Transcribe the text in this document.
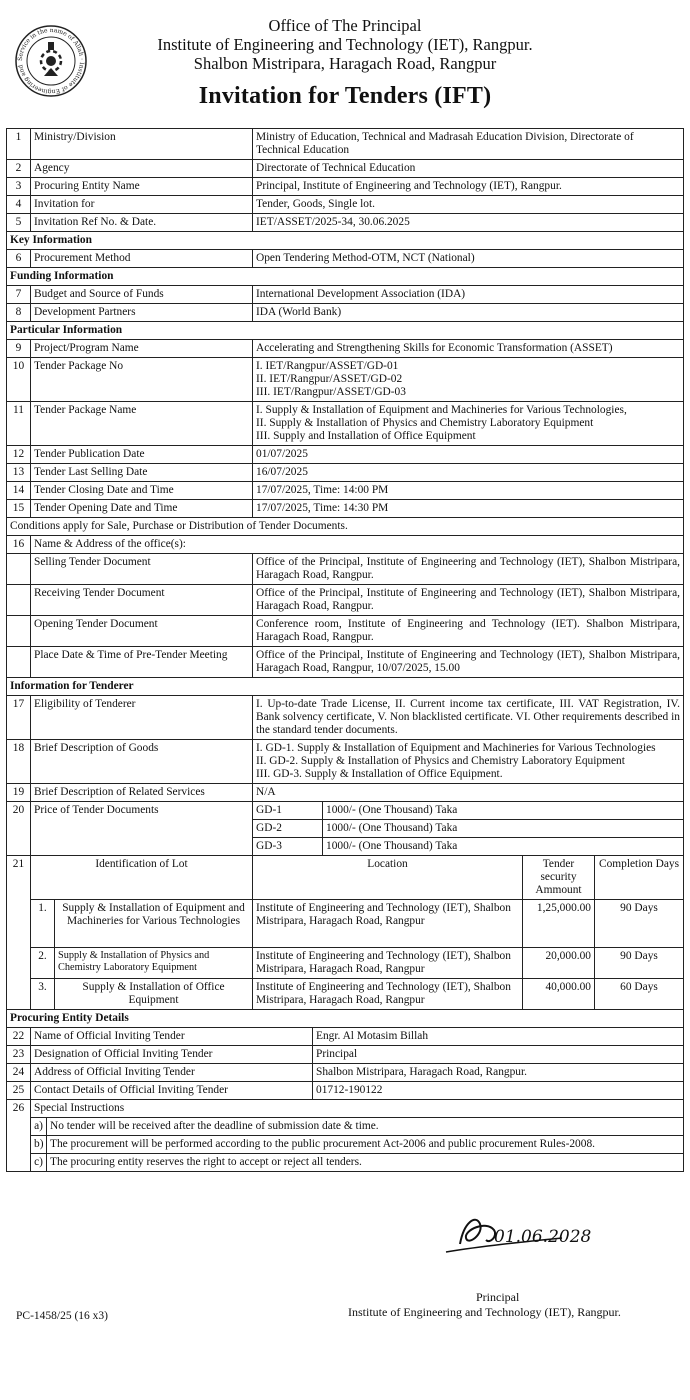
Service in the name of Allah · Institute of Engineering and
Office of The Principal
Institute of Engineering and Technology (IET), Rangpur.
Shalbon Mistripara, Haragach Road, Rangpur
Invitation for Tenders (IFT)
1	Ministry/Division	Ministry of Education, Technical and Madrasah Education Division, Directorate of Technical Education
2	Agency	Directorate of Technical Education
3	Procuring Entity Name	Principal, Institute of Engineering and Technology (IET), Rangpur.
4	Invitation for	Tender, Goods, Single lot.
5	Invitation Ref No. & Date.	IET/ASSET/2025-34, 30.06.2025
Key Information		
6	Procurement Method	Open Tendering Method-OTM, NCT (National)
Funding Information		
7	Budget and Source of Funds	International Development Association (IDA)
8	Development Partners	IDA (World Bank)
Particular Information		
9	Project/Program Name	Accelerating and Strengthening Skills for Economic Transformation (ASSET)
10	Tender Package No	I. IET/Rangpur/ASSET/GD-01
II. IET/Rangpur/ASSET/GD-02
III. IET/Rangpur/ASSET/GD-03

11	Tender Package Name	I. Supply & Installation of Equipment and Machineries for Various Technologies,
II. Supply & Installation of Physics and Chemistry Laboratory Equipment
III. Supply and Installation of Office Equipment

12	Tender Publication Date	01/07/2025
13	Tender Last Selling Date	16/07/2025
14	Tender Closing Date and Time	17/07/2025, Time: 14:00 PM
15	Tender Opening Date and Time	17/07/2025, Time: 14:30 PM
Conditions apply for Sale, Purchase or Distribution of Tender Documents.		
16	Name & Address of the office(s):	
	Selling Tender Document	Office of the Principal, Institute of Engineering and Technology (IET), Shalbon Mistripara, Haragach Road, Rangpur.
	Receiving Tender Document	Office of the Principal, Institute of Engineering and Technology (IET), Shalbon Mistripara, Haragach Road, Rangpur.
	Opening Tender Document	Conference room, Institute of Engineering and Technology (IET). Shalbon Mistripara, Haragach Road, Rangpur.
	Place Date & Time of Pre-Tender Meeting	Office of the Principal, Institute of Engineering and Technology (IET), Shalbon Mistripara, Haragach Road, Rangpur, 10/07/2025, 15.00
Information for Tenderer		
17	Eligibility of Tenderer	I. Up-to-date Trade License, II. Current income tax certificate, III. VAT Registration, IV. Bank solvency certificate, V. Non blacklisted certificate. VI. Other requirements described in the standard tender documents.
18	Brief Description of Goods	I. GD-1. Supply & Installation of Equipment and Machineries for Various Technologies
II. GD-2. Supply & Installation of Physics and Chemistry Laboratory Equipment
III. GD-3. Supply & Installation of Office Equipment.

19	Brief Description of Related Services	N/A
20	Price of Tender Documents	GD-1	1000/- (One Thousand) Taka
		GD-2	1000/- (One Thousand) Taka
		GD-3	1000/- (One Thousand) Taka
21	Identification of Lot		Location	Tender security Ammount	Completion Days
	1.	Supply & Installation of Equipment and Machineries for Various Technologies	Institute of Engineering and Technology (IET), Shalbon Mistripara, Haragach Road, Rangpur	1,25,000.00	90 Days
	2.	Supply & Installation of Physics and Chemistry Laboratory Equipment	Institute of Engineering and Technology (IET), Shalbon Mistripara, Haragach Road, Rangpur	20,000.00	90 Days
	3.	Supply & Installation of Office Equipment	Institute of Engineering and Technology (IET), Shalbon Mistripara, Haragach Road, Rangpur	40,000.00	60 Days
Procuring Entity Details			
22	Name of Official Inviting Tender		Engr. Al Motasim Billah
23	Designation of Official Inviting Tender		Principal
24	Address of Official Inviting Tender		Shalbon Mistripara, Haragach Road, Rangpur.
25	Contact Details of Official Inviting Tender		01712-190122
26	Special Instructions		
	a)	No tender will be received after the deadline of submission date & time.	
	b)	The procurement will be performed according to the public procurement Act-2006 and public procurement Rules-2008.	
	c)	The procuring entity reserves the right to accept or reject all tenders.	
01.06.2028
Principal
Institute of Engineering and Technology (IET), Rangpur.
PC-1458/25 (16 x3)
